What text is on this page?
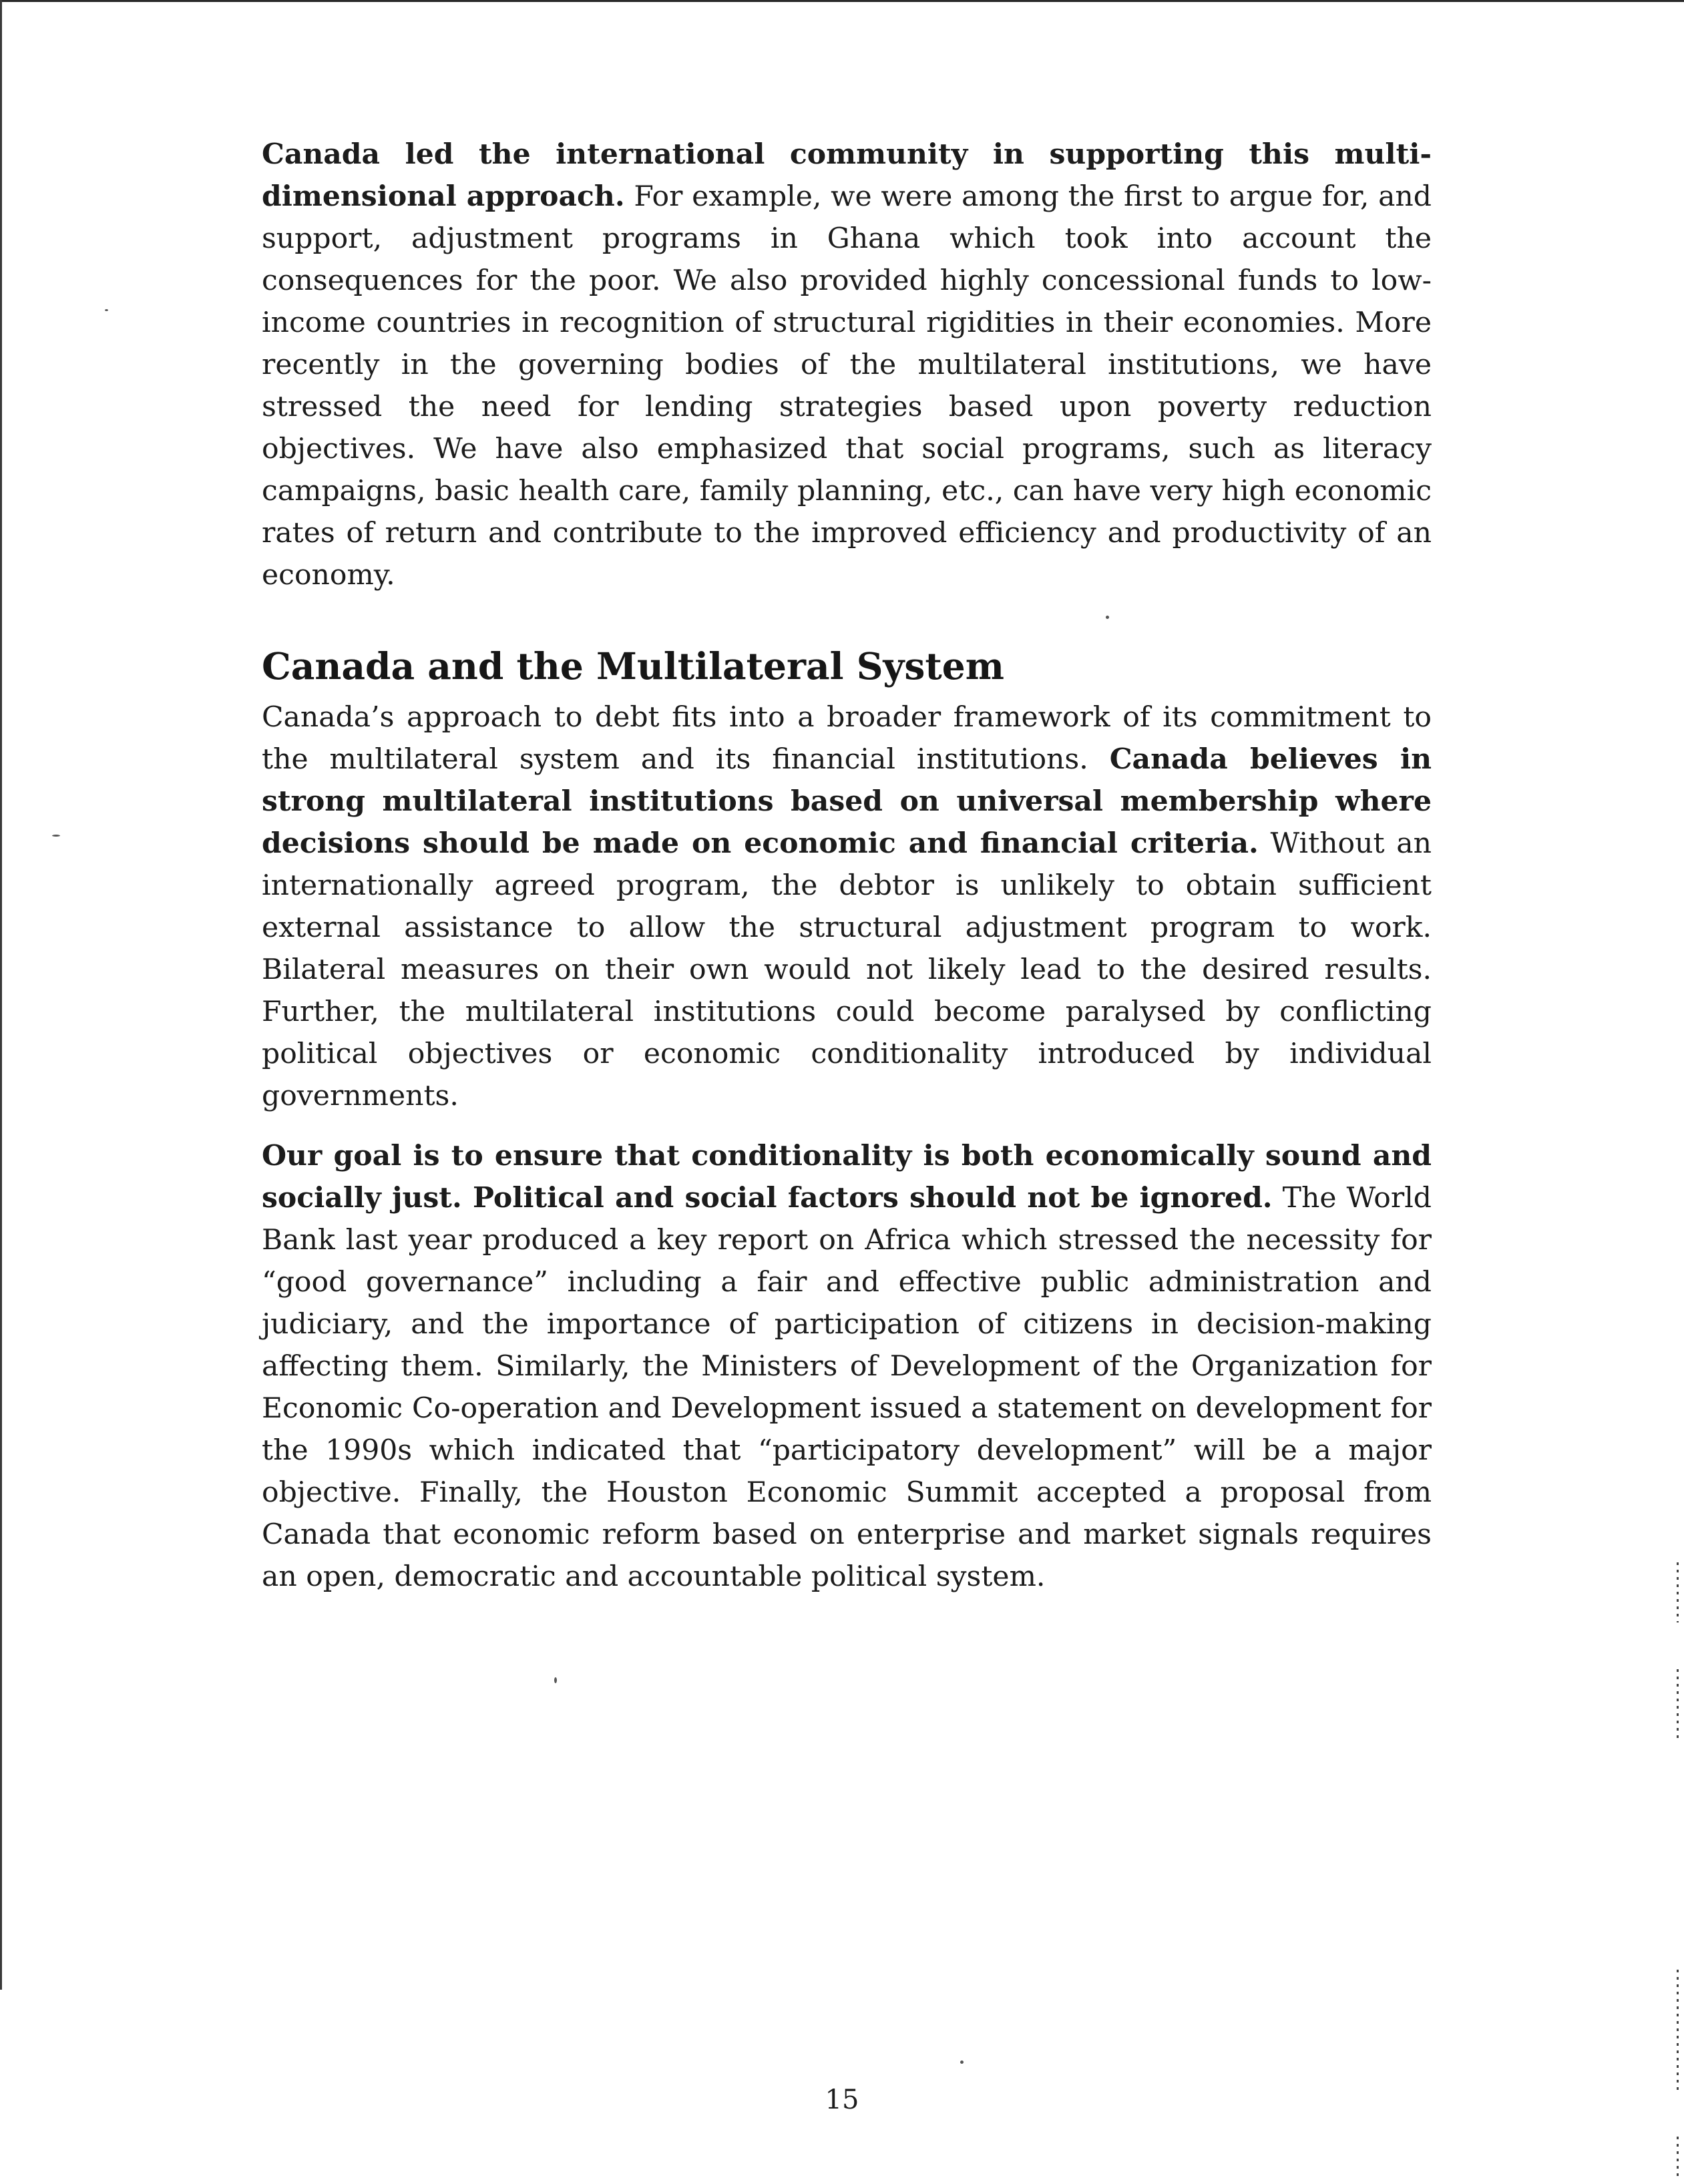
Canada led the international community in supporting this multi-dimensional approach. For example, we were among the first to argue for, and support, adjustment programs in Ghana which took into account the consequences for the poor. We also provided highly concessional funds to low-income countries in recognition of structural rigidities in their economies. More recently in the governing bodies of the multilateral institutions, we have stressed the need for lending strategies based upon poverty reduction objectives. We have also emphasized that social programs, such as literacy campaigns, basic health care, family planning, etc., can have very high economic rates of return and contribute to the improved efficiency and productivity of an economy.

Canada and the Multilateral System

Canada’s approach to debt fits into a broader framework of its commitment to the multilateral system and its financial institutions. Canada believes in strong multilateral institutions based on universal membership where decisions should be made on economic and financial criteria. Without an internationally agreed program, the debtor is unlikely to obtain sufficient external assistance to allow the structural adjustment program to work. Bilateral measures on their own would not likely lead to the desired results. Further, the multilateral institutions could become paralysed by conflicting political objectives or economic conditionality introduced by individual governments.

Our goal is to ensure that conditionality is both economically sound and socially just. Political and social factors should not be ignored. The World Bank last year produced a key report on Africa which stressed the necessity for “good governance” including a fair and effective public administration and judiciary, and the importance of participation of citizens in decision-making affecting them. Similarly, the Ministers of Development of the Organization for Economic Co-operation and Development issued a statement on development for the 1990s which indicated that “participatory development” will be a major objective. Finally, the Houston Economic Summit accepted a proposal from Canada that economic reform based on enterprise and market signals requires an open, democratic and accountable political system.

15
